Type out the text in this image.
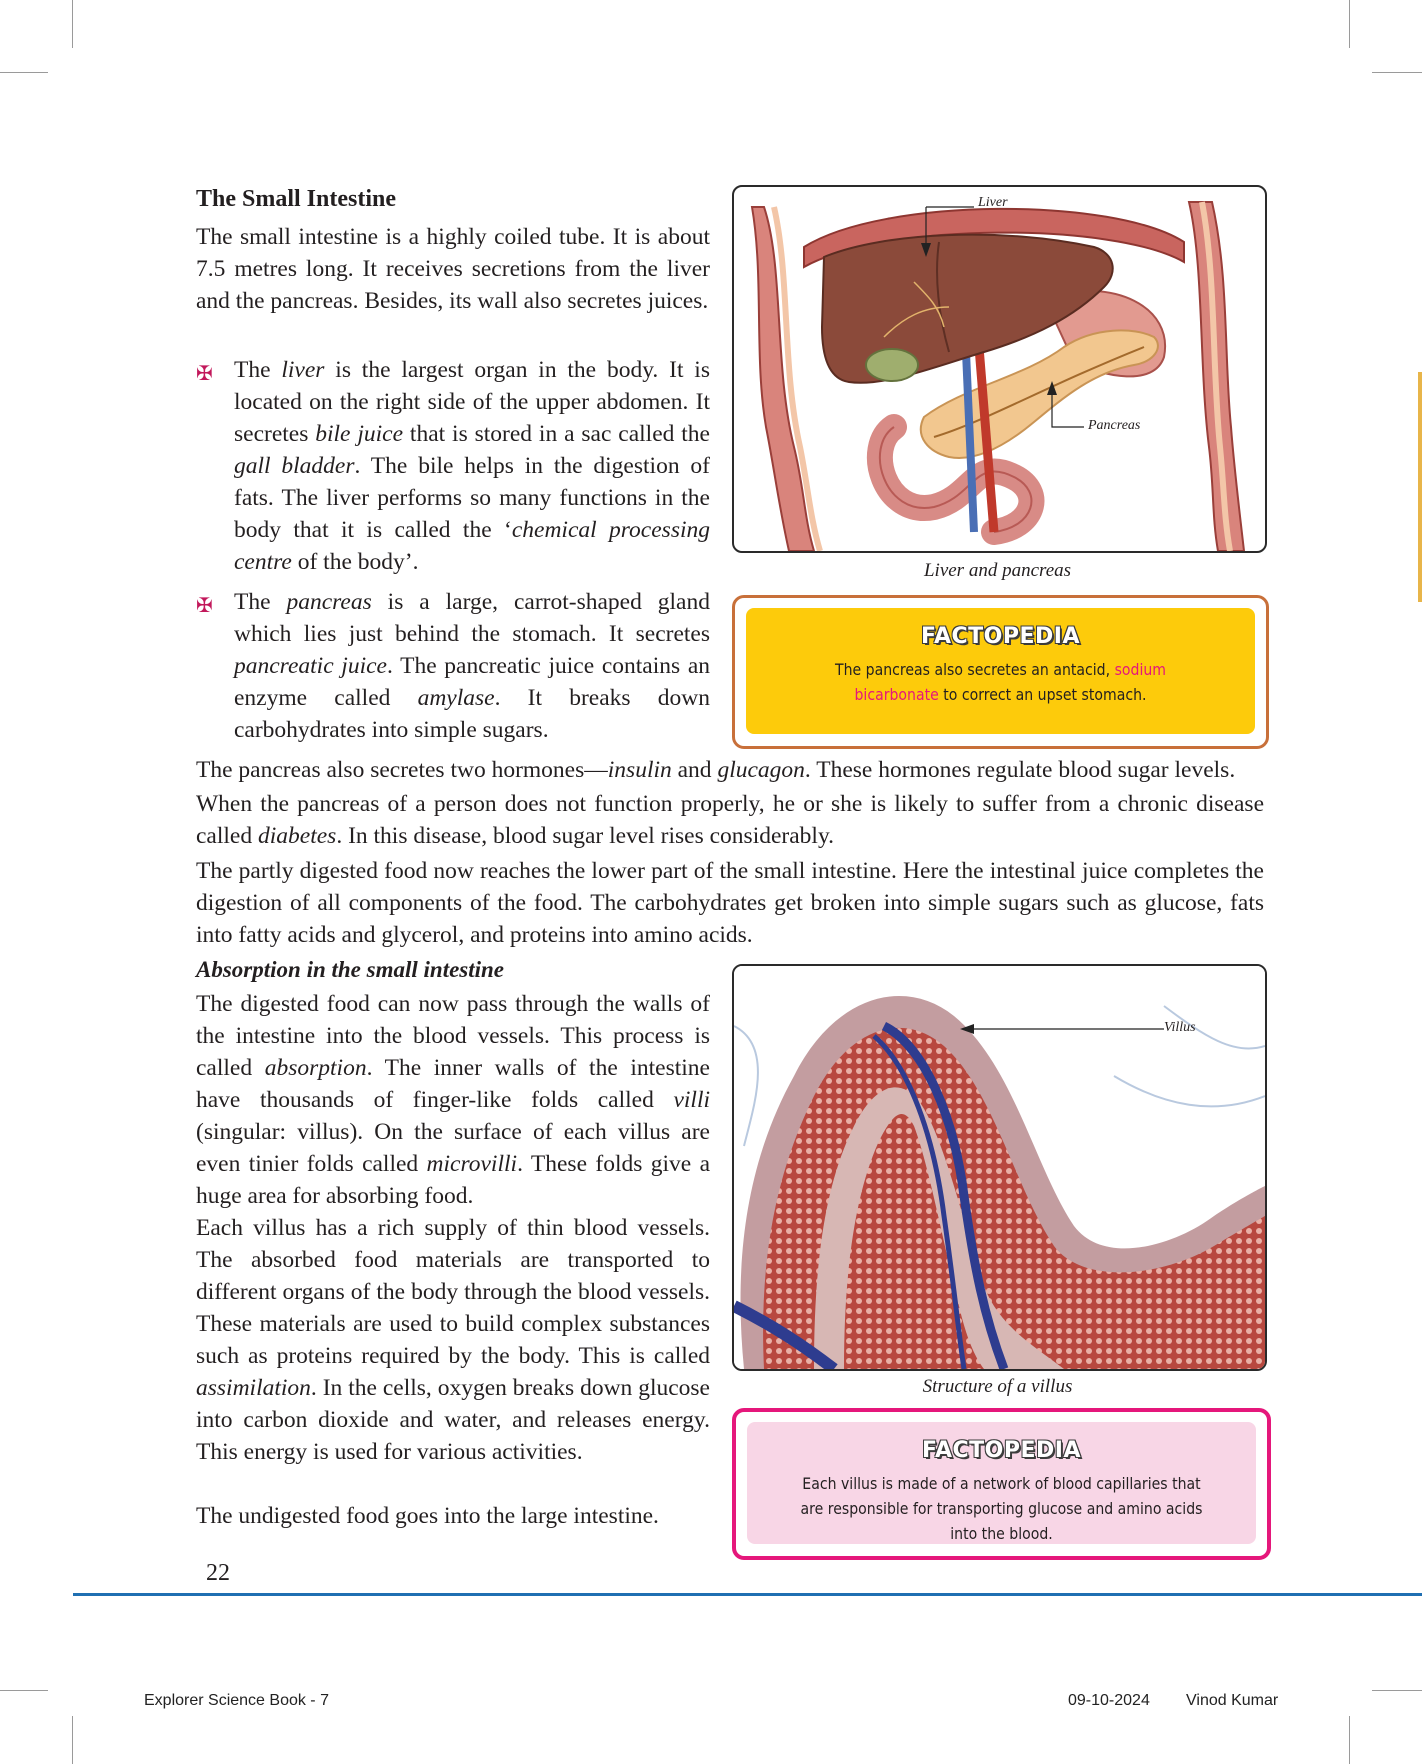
The Small Intestine
The small intestine is a highly coiled tube. It is about 7.5 metres long. It receives secretions from the liver and the pancreas. Besides, its wall also secretes juices.
✠ The liver is the largest organ in the body. It is located on the right side of the upper abdomen. It secretes bile juice that is stored in a sac called the gall bladder. The bile helps in the digestion of fats. The liver performs so many functions in the body that it is called the ‘chemical processing centre of the body’.
✠ The pancreas is a large, carrot-shaped gland which lies just behind the stomach. It secretes pancreatic juice. The pancreatic juice contains an enzyme called amylase. It breaks down carbohydrates into simple sugars.
The pancreas also secretes two hormones—insulin and glucagon. These hormones regulate blood sugar levels.
When the pancreas of a person does not function properly, he or she is likely to suffer from a chronic disease called diabetes. In this disease, blood sugar level rises considerably.
The partly digested food now reaches the lower part of the small intestine. Here the intestinal juice completes the digestion of all components of the food. The carbohydrates get broken into simple sugars such as glucose, fats into fatty acids and glycerol, and proteins into amino acids.
Absorption in the small intestine
The digested food can now pass through the walls of the intestine into the blood vessels. This process is called absorption. The inner walls of the intestine have thousands of finger-like folds called villi (singular: villus). On the surface of each villus are even tinier folds called microvilli. These folds give a huge area for absorbing food.
Each villus has a rich supply of thin blood vessels. The absorbed food materials are transported to different organs of the body through the blood vessels. These materials are used to build complex substances such as proteins required by the body. This is called assimilation. In the cells, oxygen breaks down glucose into carbon dioxide and water, and releases energy. This energy is used for various activities.
The undigested food goes into the large intestine.
Liver
Pancreas
Liver and pancreas
FACTOPEDIA
The pancreas also secretes an antacid, sodium bicarbonate to correct an upset stomach.
Villus
Structure of a villus
FACTOPEDIA
Each villus is made of a network of blood capillaries that are responsible for transporting glucose and amino acids into the blood.
22
Explorer Science Book - 7	09-10-2024 Vinod Kumar
